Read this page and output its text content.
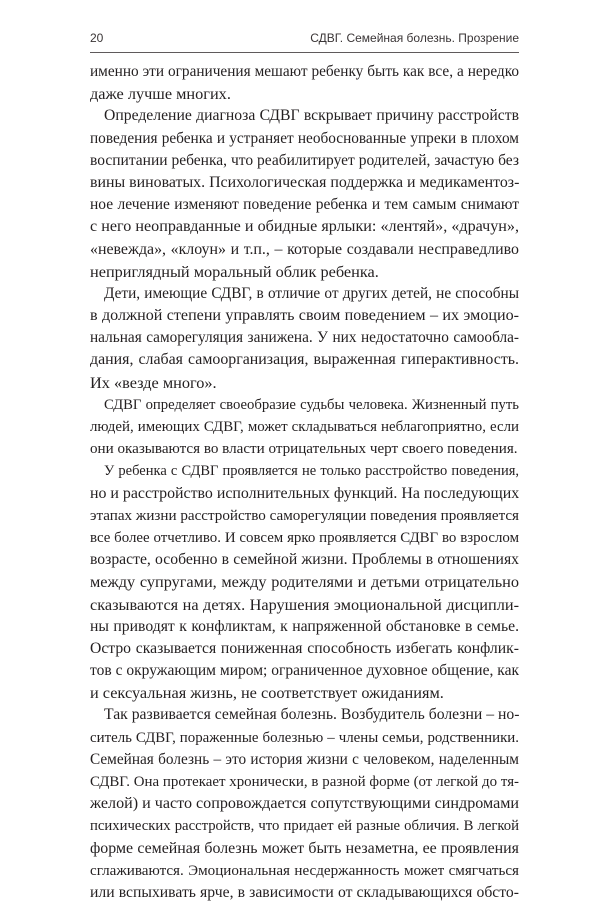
20	СДВГ. Семейная болезнь. Прозрение
именно эти ограничения мешают ребенку быть как все, а нередко
даже лучше многих.
Определение диагноза СДВГ вскрывает причину расстройств
поведения ребенка и устраняет необоснованные упреки в плохом
воспитании ребенка, что реабилитирует родителей, зачастую без
вины виноватых. Психологическая поддержка и медикаментоз-
ное лечение изменяют поведение ребенка и тем самым снимают
с него неоправданные и обидные ярлыки: «лентяй», «драчун»,
«невежда», «клоун» и т.п., – которые создавали несправедливо
неприглядный моральный облик ребенка.
Дети, имеющие СДВГ, в отличие от других детей, не способны
в должной степени управлять своим поведением – их эмоцио-
нальная саморегуляция занижена. У них недостаточно самообла-
дания, слабая самоорганизация, выраженная гиперактивность.
Их «везде много».
СДВГ определяет своеобразие судьбы человека. Жизненный путь
людей, имеющих СДВГ, может складываться неблагоприятно, если
они оказываются во власти отрицательных черт своего поведения.
У ребенка с СДВГ проявляется не только расстройство поведения,
но и расстройство исполнительных функций. На последующих
этапах жизни расстройство саморегуляции поведения проявляется
все более отчетливо. И совсем ярко проявляется СДВГ во взрослом
возрасте, особенно в семейной жизни. Проблемы в отношениях
между супругами, между родителями и детьми отрицательно
сказываются на детях. Нарушения эмоциональной дисципли-
ны приводят к конфликтам, к напряженной обстановке в семье.
Остро сказывается пониженная способность избегать конфлик-
тов с окружающим миром; ограниченное духовное общение, как
и сексуальная жизнь, не соответствует ожиданиям.
Так развивается семейная болезнь. Возбудитель болезни – но-
ситель СДВГ, пораженные болезнью – члены семьи, родственники.
Семейная болезнь – это история жизни с человеком, наделенным
СДВГ. Она протекает хронически, в разной форме (от легкой до тя-
желой) и часто сопровождается сопутствующими синдромами
психических расстройств, что придает ей разные обличия. В легкой
форме семейная болезнь может быть незаметна, ее проявления
сглаживаются. Эмоциональная несдержанность может смягчаться
или вспыхивать ярче, в зависимости от складывающихся обсто-
